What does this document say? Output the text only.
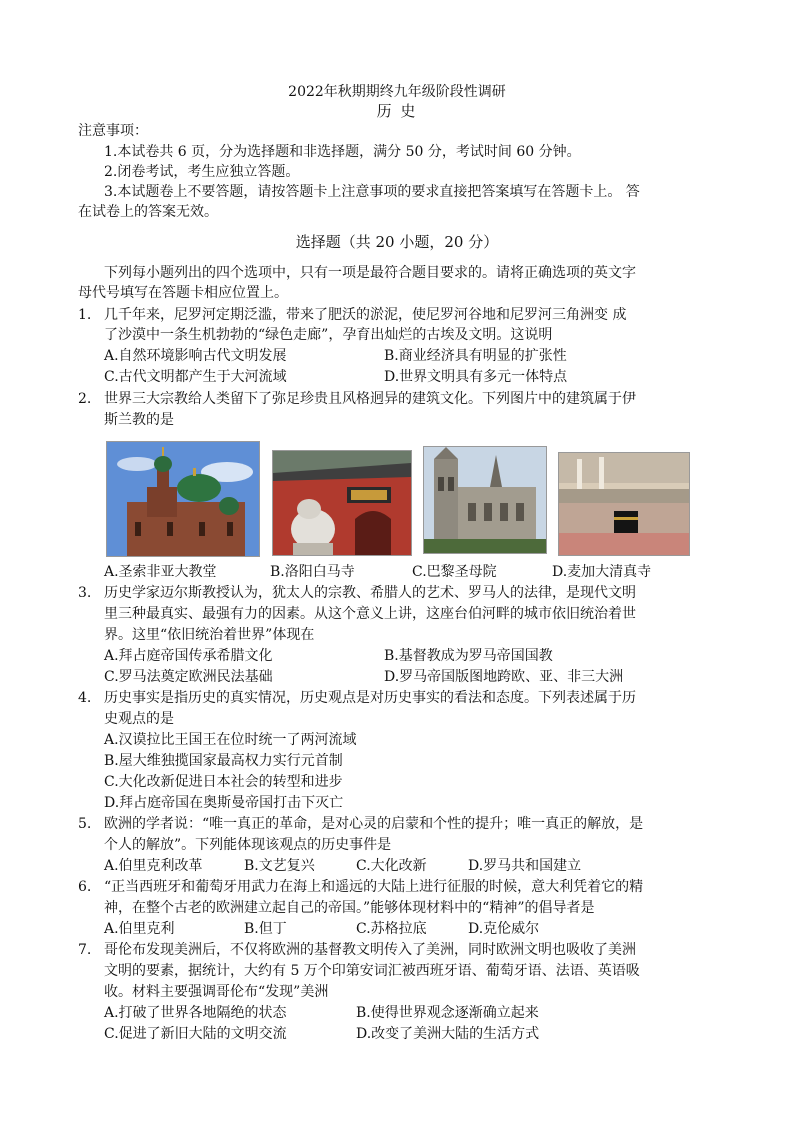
2022年秋期期终九年级阶段性调研
历 史
注意事项：
1.本试卷共 6 页，分为选择题和非选择题，满分 50 分，考试时间 60 分钟。
2.闭卷考试，考生应独立答题。
3.本试题卷上不要答题，请按答题卡上注意事项的要求直接把答案填写在答题卡上。 答
在试卷上的答案无效。
选择题（共 20 小题，20 分）
下列每小题列出的四个选项中，只有一项是最符合题目要求的。请将正确选项的英文字
母代号填写在答题卡相应位置上。
1. 几千年来，尼罗河定期泛滥，带来了肥沃的淤泥，使尼罗河谷地和尼罗河三角洲变 成
了沙漠中一条生机勃勃的“绿色走廊”，孕育出灿烂的古埃及文明。这说明
A.自然环境影响古代文明发展	B.商业经济具有明显的扩张性
C.古代文明都产生于大河流域	D.世界文明具有多元一体特点
2. 世界三大宗教给人类留下了弥足珍贵且风格迥异的建筑文化。下列图片中的建筑属于伊
斯兰教的是
A.圣索非亚大教堂	B.洛阳白马寺	C.巴黎圣母院	D.麦加大清真寺
3. 历史学家迈尔斯教授认为，犹太人的宗教、希腊人的艺术、罗马人的法律，是现代文明
里三种最真实、最强有力的因素。从这个意义上讲，这座台伯河畔的城市依旧统治着世
界。这里“依旧统治着世界”体现在
A.拜占庭帝国传承希腊文化	B.基督教成为罗马帝国国教
C.罗马法奠定欧洲民法基础	D.罗马帝国版图地跨欧、亚、非三大洲
4. 历史事实是指历史的真实情况，历史观点是对历史事实的看法和态度。下列表述属于历
史观点的是
A.汉谟拉比王国王在位时统一了两河流域
B.屋大维独揽国家最高权力实行元首制
C.大化改新促进日本社会的转型和进步
D.拜占庭帝国在奥斯曼帝国打击下灭亡
5. 欧洲的学者说：“唯一真正的革命，是对心灵的启蒙和个性的提升；唯一真正的解放，是
个人的解放”。下列能体现该观点的历史事件是
A.伯里克利改革	B.文艺复兴	C.大化改新	D.罗马共和国建立
6. “正当西班牙和葡萄牙用武力在海上和遥远的大陆上进行征服的时候，意大利凭着它的精
神，在整个古老的欧洲建立起自己的帝国。”能够体现材料中的“精神”的倡导者是
A.伯里克利	B.但丁	C.苏格拉底	D.克伦威尔
7. 哥伦布发现美洲后，不仅将欧洲的基督教文明传入了美洲，同时欧洲文明也吸收了美洲
文明的要素，据统计，大约有 5 万个印第安词汇被西班牙语、葡萄牙语、法语、英语吸
收。材料主要强调哥伦布“发现”美洲
A.打破了世界各地隔绝的状态	B.使得世界观念逐渐确立起来
C.促进了新旧大陆的文明交流	D.改变了美洲大陆的生活方式
